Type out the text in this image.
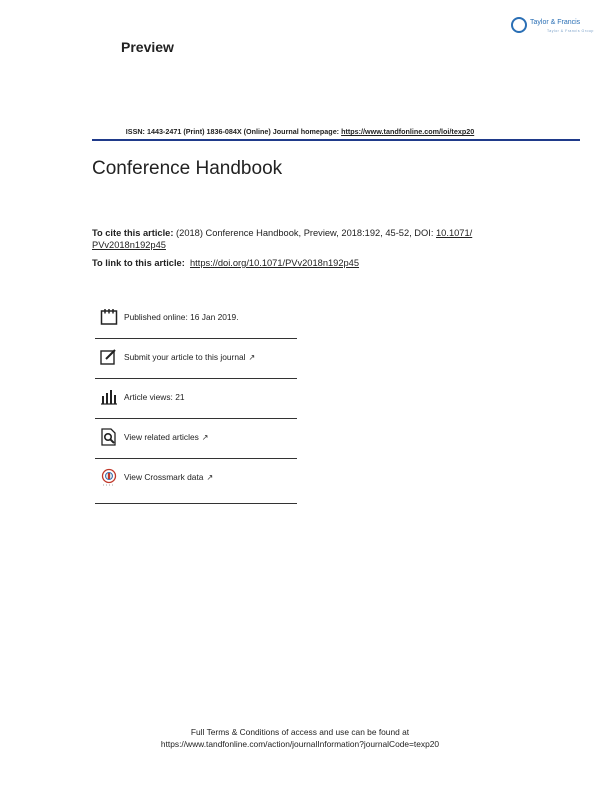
Preview
Taylor & Francis
Taylor & Francis Group
ISSN: 1443-2471 (Print) 1836-084X (Online) Journal homepage: https://www.tandfonline.com/loi/texp20
Conference Handbook
To cite this article: (2018) Conference Handbook, Preview, 2018:192, 45-52, DOI: 10.1071/
PVv2018n192p45
To link to this article: https://doi.org/10.1071/PVv2018n192p45
Published online: 16 Jan 2019.
Submit your article to this journal ↗
Article views: 21
View related articles ↗
View Crossmark data ↗
Full Terms & Conditions of access and use can be found at
https://www.tandfonline.com/action/journalInformation?journalCode=texp20
